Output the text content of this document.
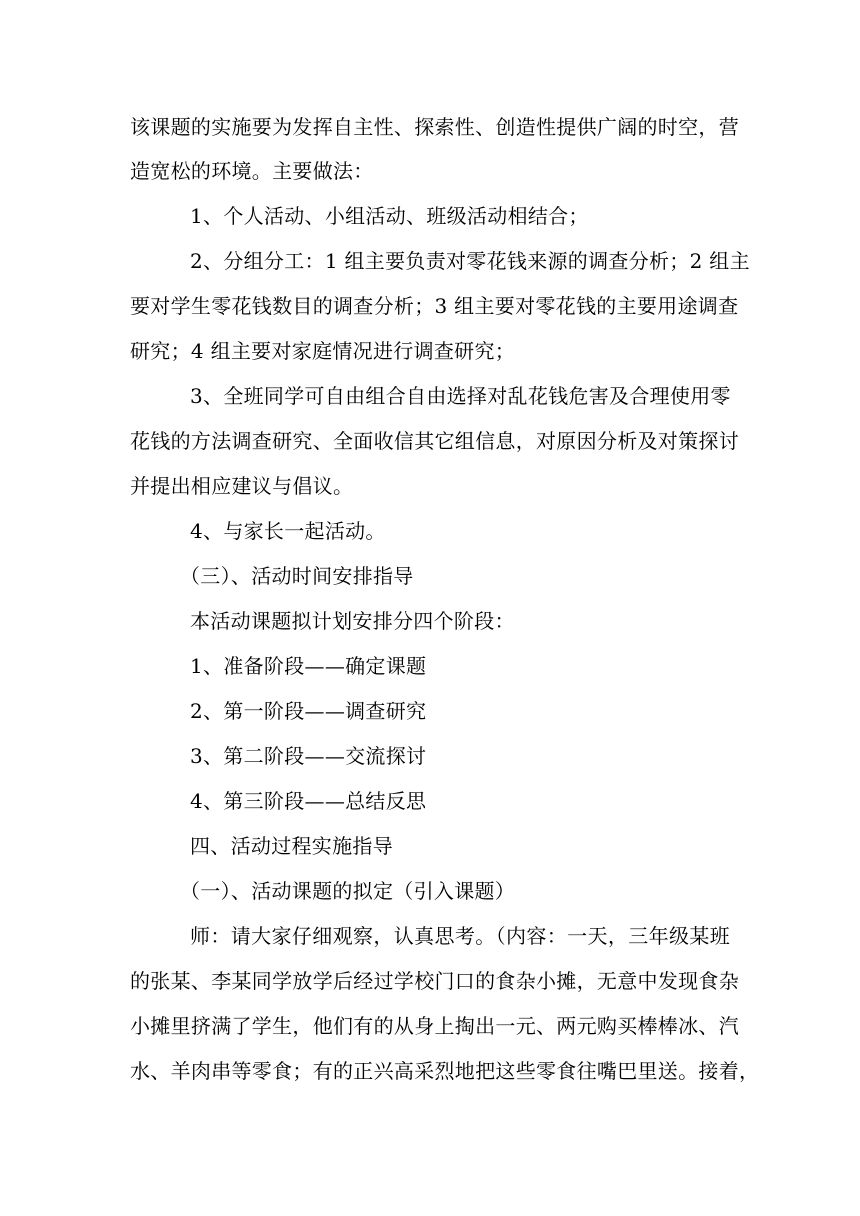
该课题的实施要为发挥自主性、探索性、创造性提供广阔的时空，营
造宽松的环境。主要做法：
1、个人活动、小组活动、班级活动相结合；
2、分组分工：1 组主要负责对零花钱来源的调查分析；2 组主
要对学生零花钱数目的调查分析；3 组主要对零花钱的主要用途调查
研究；4 组主要对家庭情况进行调查研究；
3、全班同学可自由组合自由选择对乱花钱危害及合理使用零
花钱的方法调查研究、全面收信其它组信息，对原因分析及对策探讨
并提出相应建议与倡议。
4、与家长一起活动。
（三）、活动时间安排指导
本活动课题拟计划安排分四个阶段：
1、准备阶段——确定课题
2、第一阶段——调查研究
3、第二阶段——交流探讨
4、第三阶段——总结反思
四、活动过程实施指导
（一）、活动课题的拟定（引入课题）
师：请大家仔细观察，认真思考。（内容：一天，三年级某班
的张某、李某同学放学后经过学校门口的食杂小摊，无意中发现食杂
小摊里挤满了学生，他们有的从身上掏出一元、两元购买棒棒冰、汽
水、羊肉串等零食；有的正兴高采烈地把这些零食往嘴巴里送。接着，
